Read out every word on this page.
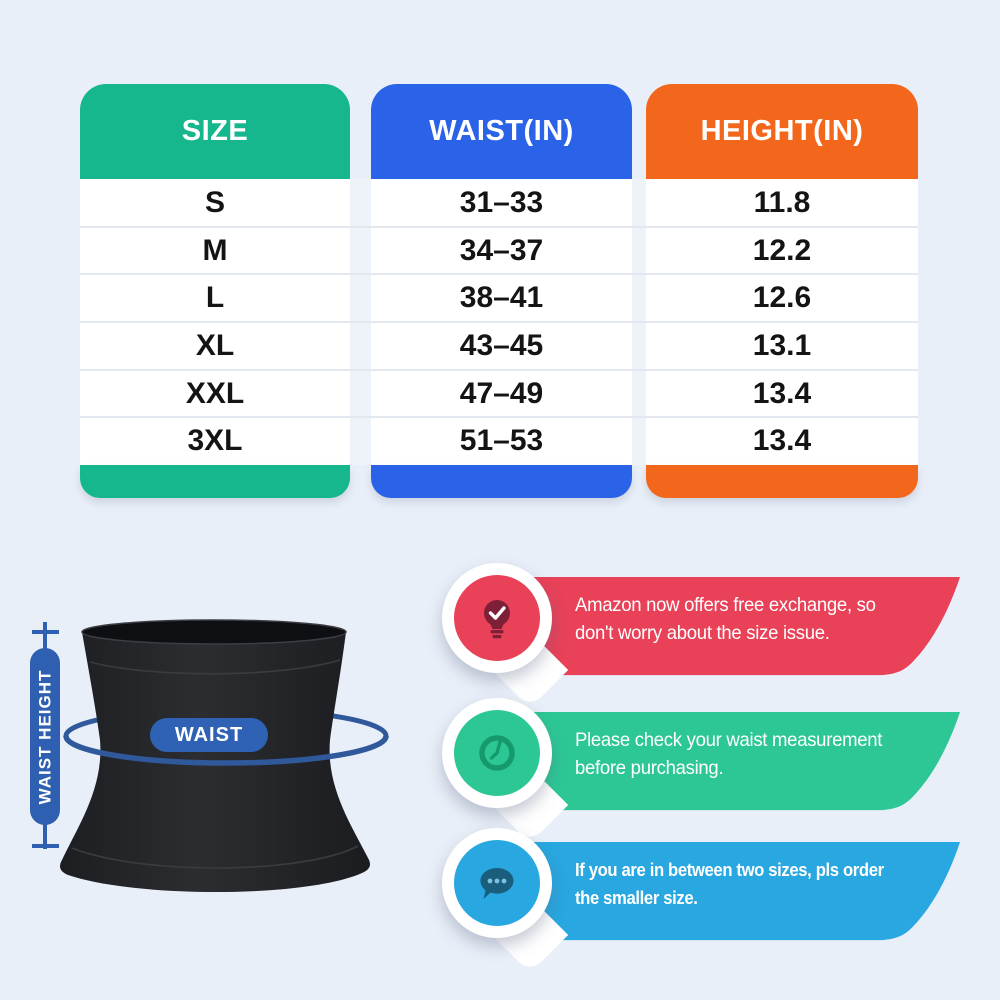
SIZE	WAIST(IN)	HEIGHT(IN)
S	31–33	11.8
M	34–37	12.2
L	38–41	12.6
XL	43–45	13.1
XXL	47–49	13.4
3XL	51–53	13.4
WAIST
WAIST HEIGHT
Amazon now offers free exchange, so
don't worry about the size issue.
Please check your waist measurement
before purchasing.
If you are in between two sizes, pls order
the smaller size.
